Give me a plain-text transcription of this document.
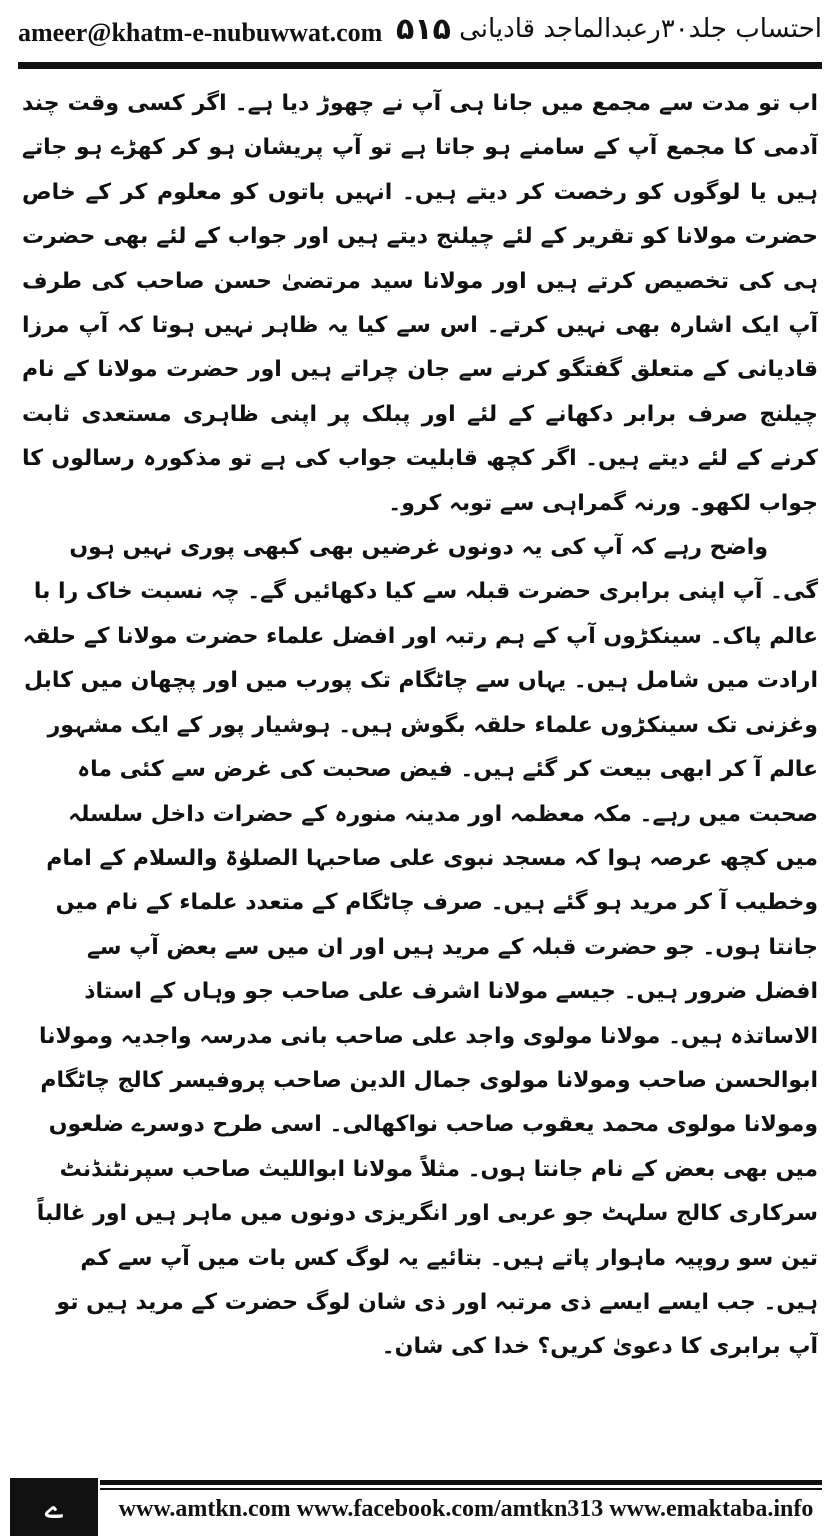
ameer@khatm-e-nubuwwat.com ۵۱۵ احتساب جلد۳۰رعبدالماجد قادیانی

اب تو مدت سے مجمع میں جانا ہی آپ نے چھوڑ دیا ہے۔ اگر کسی وقت چند آدمی کا مجمع آپ کے سامنے ہو جاتا ہے تو آپ پریشان ہو کر کھڑے ہو جاتے ہیں یا لوگوں کو رخصت کر دیتے ہیں۔ انہیں باتوں کو معلوم کر کے خاص حضرت مولانا کو تقریر کے لئے چیلنج دیتے ہیں اور جواب کے لئے بھی حضرت ہی کی تخصیص کرتے ہیں اور مولانا سید مرتضیٰ حسن صاحب کی طرف آپ ایک اشارہ بھی نہیں کرتے۔ اس سے کیا یہ ظاہر نہیں ہوتا کہ آپ مرزا قادیانی کے متعلق گفتگو کرنے سے جان چراتے ہیں اور حضرت مولانا کے نام چیلنج صرف برابر دکھانے کے لئے اور پبلک پر اپنی ظاہری مستعدی ثابت کرنے کے لئے دیتے ہیں۔ اگر کچھ قابلیت جواب کی ہے تو مذکورہ رسالوں کا جواب لکھو۔ ورنہ گمراہی سے توبہ کرو۔

واضح رہے کہ آپ کی یہ دونوں غرضیں بھی کبھی پوری نہیں ہوں گی۔ آپ اپنی برابری حضرت قبلہ سے کیا دکھائیں گے۔ چہ نسبت خاک را با عالم پاک۔ سینکڑوں آپ کے ہم رتبہ اور افضل علماء حضرت مولانا کے حلقہ ارادت میں شامل ہیں۔ یہاں سے چاٹگام تک پورب میں اور پچھان میں کابل وغزنی تک سینکڑوں علماء حلقہ بگوش ہیں۔ ہوشیار پور کے ایک مشہور عالم آ کر ابھی بیعت کر گئے ہیں۔ فیض صحبت کی غرض سے کئی ماہ صحبت میں رہے۔ مکہ معظمہ اور مدینہ منورہ کے حضرات داخل سلسلہ میں کچھ عرصہ ہوا کہ مسجد نبوی علی صاحبہا الصلوٰۃ والسلام کے امام وخطیب آ کر مرید ہو گئے ہیں۔ صرف چاٹگام کے متعدد علماء کے نام میں جانتا ہوں۔ جو حضرت قبلہ کے مرید ہیں اور ان میں سے بعض آپ سے افضل ضرور ہیں۔ جیسے مولانا اشرف علی صاحب جو وہاں کے استاذ الاساتذہ ہیں۔ مولانا مولوی واجد علی صاحب بانی مدرسہ واجدیہ ومولانا ابوالحسن صاحب ومولانا مولوی جمال الدین صاحب پروفیسر کالج چاٹگام ومولانا مولوی محمد یعقوب صاحب نواکھالی۔ اسی طرح دوسرے ضلعوں میں بھی بعض کے نام جانتا ہوں۔ مثلاً مولانا ابواللیث صاحب سپرنٹنڈنٹ سرکاری کالج سلہٹ جو عربی اور انگریزی دونوں میں ماہر ہیں اور غالباً تین سو روپیہ ماہوار پاتے ہیں۔ بتائیے یہ لوگ کس بات میں آپ سے کم ہیں۔ جب ایسے ایسے ذی مرتبہ اور ذی شان لوگ حضرت کے مرید ہیں تو آپ برابری کا دعویٰ کریں؟ خدا کی شان۔

ے	www.amtkn.com www.facebook.com/amtkn313 www.emaktaba.info
